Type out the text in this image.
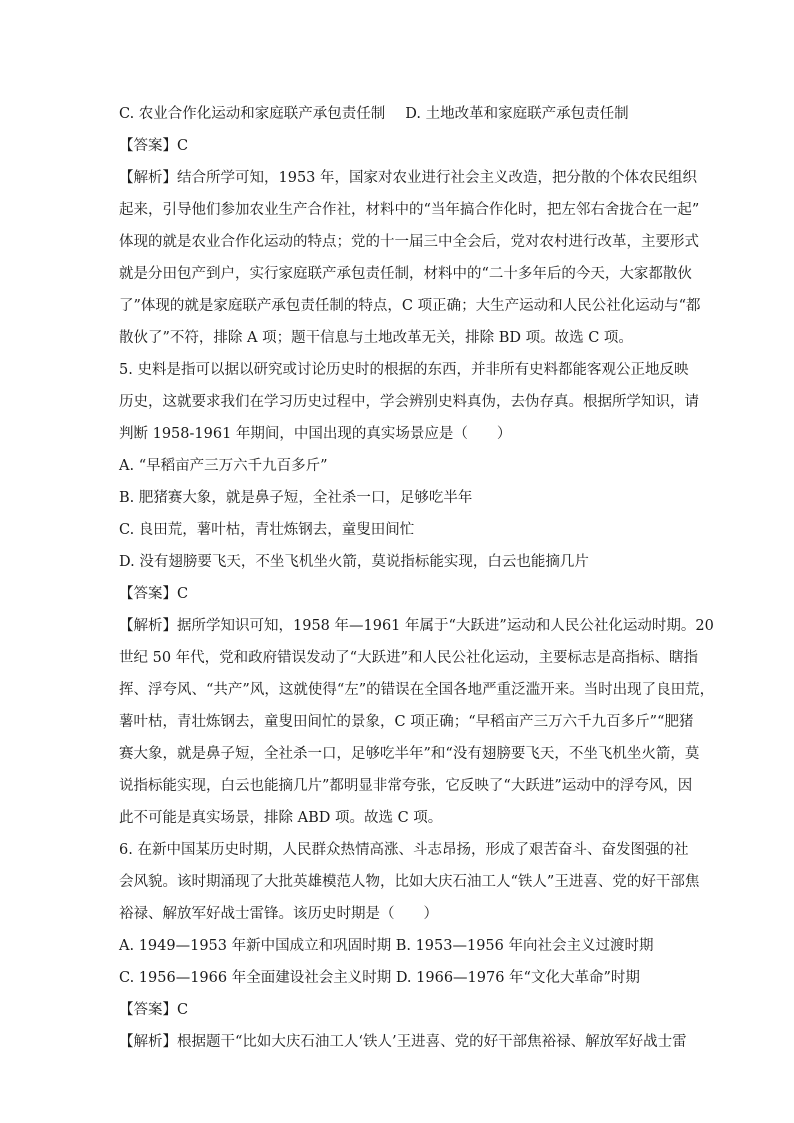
C. 农业合作化运动和家庭联产承包责任制 D. 土地改革和家庭联产承包责任制
【答案】C
【解析】结合所学可知，1953 年，国家对农业进行社会主义改造，把分散的个体农民组织
起来，引导他们参加农业生产合作社，材料中的“当年搞合作化时，把左邻右舍拢合在一起”
体现的就是农业合作化运动的特点；党的十一届三中全会后，党对农村进行改革，主要形式
就是分田包产到户，实行家庭联产承包责任制，材料中的“二十多年后的今天，大家都散伙
了”体现的就是家庭联产承包责任制的特点，C 项正确；大生产运动和人民公社化运动与“都
散伙了”不符，排除 A 项；题干信息与土地改革无关，排除 BD 项。故选 C 项。
5. 史料是指可以据以研究或讨论历史时的根据的东西，并非所有史料都能客观公正地反映
历史，这就要求我们在学习历史过程中，学会辨别史料真伪，去伪存真。根据所学知识，请
判断 1958-1961 年期间，中国出现的真实场景应是（　　）
A. “早稻亩产三万六千九百多斤”
B. 肥猪赛大象，就是鼻子短，全社杀一口，足够吃半年
C. 良田荒，薯叶枯，青壮炼钢去，童叟田间忙
D. 没有翅膀要飞天，不坐飞机坐火箭，莫说指标能实现，白云也能摘几片
【答案】C
【解析】据所学知识可知，1958 年—1961 年属于“大跃进”运动和人民公社化运动时期。20
世纪 50 年代，党和政府错误发动了“大跃进”和人民公社化运动，主要标志是高指标、瞎指
挥、浮夸风、“共产”风，这就使得“左”的错误在全国各地严重泛滥开来。当时出现了良田荒，
薯叶枯，青壮炼钢去，童叟田间忙的景象，C 项正确；“早稻亩产三万六千九百多斤”“肥猪
赛大象，就是鼻子短，全社杀一口，足够吃半年”和“没有翅膀要飞天，不坐飞机坐火箭，莫
说指标能实现，白云也能摘几片”都明显非常夸张，它反映了“大跃进”运动中的浮夸风，因
此不可能是真实场景，排除 ABD 项。故选 C 项。
6. 在新中国某历史时期，人民群众热情高涨、斗志昂扬，形成了艰苦奋斗、奋发图强的社
会风貌。该时期涌现了大批英雄模范人物，比如大庆石油工人“铁人”王进喜、党的好干部焦
裕禄、解放军好战士雷锋。该历史时期是（　　）
A. 1949—1953 年新中国成立和巩固时期 B. 1953—1956 年向社会主义过渡时期
C. 1956—1966 年全面建设社会主义时期 D. 1966—1976 年“文化大革命”时期
【答案】C
【解析】根据题干“比如大庆石油工人‘铁人’王进喜、党的好干部焦裕禄、解放军好战士雷
